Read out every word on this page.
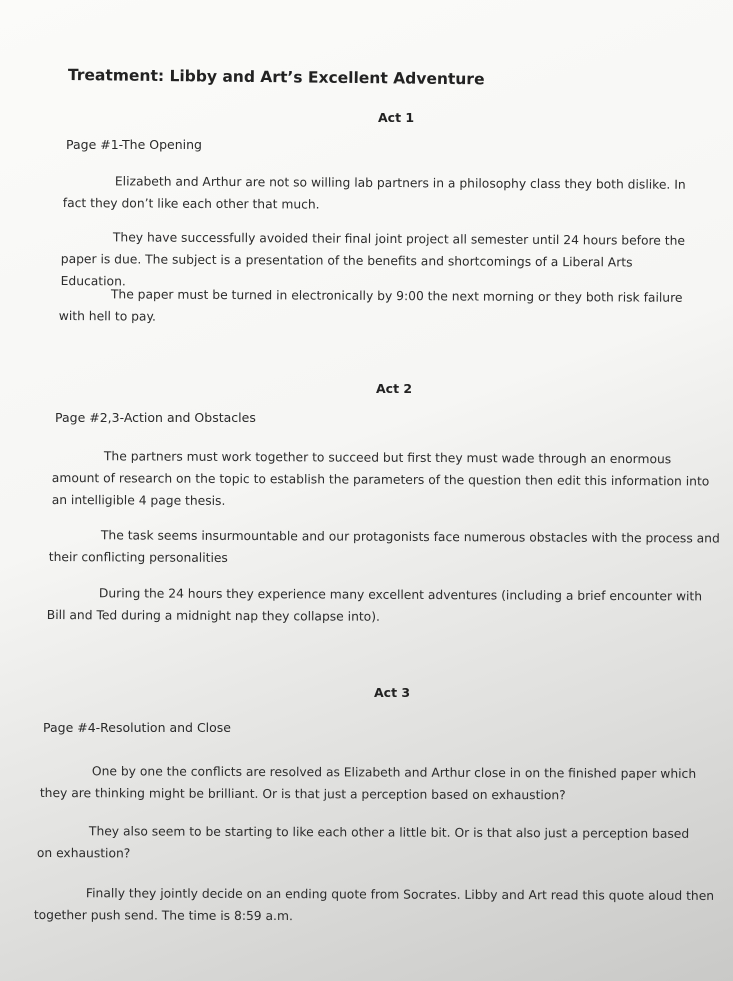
Treatment: Libby and Art’s Excellent Adventure
Act 1
Page #1-The Opening
Elizabeth and Arthur are not so willing lab partners in a philosophy class they both dislike. In fact they don’t like each other that much.
They have successfully avoided their final joint project all semester until 24 hours before the paper is due. The subject is a presentation of the benefits and shortcomings of a Liberal Arts Education.
The paper must be turned in electronically by 9:00 the next morning or they both risk failure with hell to pay.
Act 2
Page #2,3-Action and Obstacles
The partners must work together to succeed but first they must wade through an enormous amount of research on the topic to establish the parameters of the question then edit this information into an intelligible 4 page thesis.
The task seems insurmountable and our protagonists face numerous obstacles with the process and their conflicting personalities
During the 24 hours they experience many excellent adventures (including a brief encounter with Bill and Ted during a midnight nap they collapse into).
Act 3
Page #4-Resolution and Close
One by one the conflicts are resolved as Elizabeth and Arthur close in on the finished paper which they are thinking might be brilliant. Or is that just a perception based on exhaustion?
They also seem to be starting to like each other a little bit. Or is that also just a perception based on exhaustion?
Finally they jointly decide on an ending quote from Socrates. Libby and Art read this quote aloud then together push send. The time is 8:59 a.m.
